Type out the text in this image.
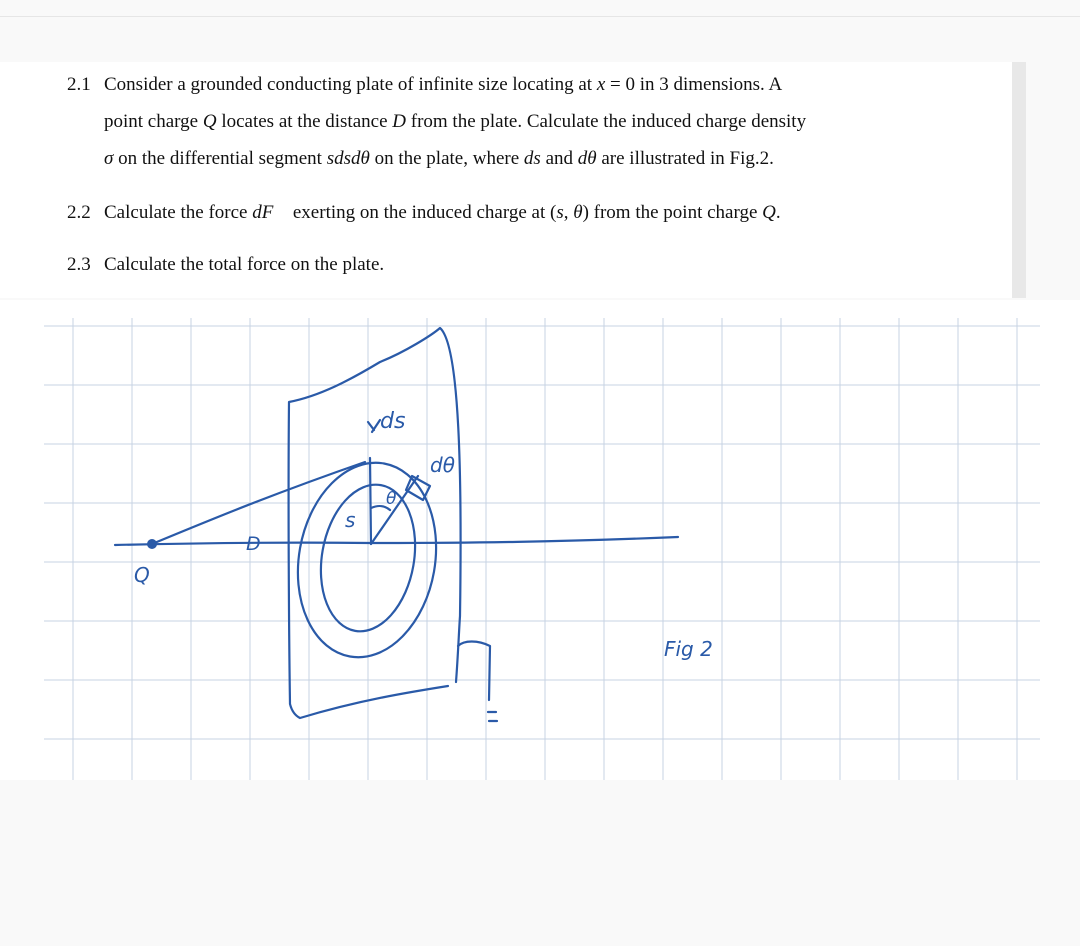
2.1 Consider a grounded conducting plate of infinite size locating at x = 0 in 3 dimensions. A
point charge Q locates at the distance D from the plate. Calculate the induced charge density
σ on the differential segment sdsdθ on the plate, where ds and dθ are illustrated in Fig.2.
2.2 Calculate the force dF⃗ exerting on the induced charge at (s, θ) from the point charge Q.
2.3 Calculate the total force on the plate.
ds
dθ
θ
s
D
Q
Fig 2
